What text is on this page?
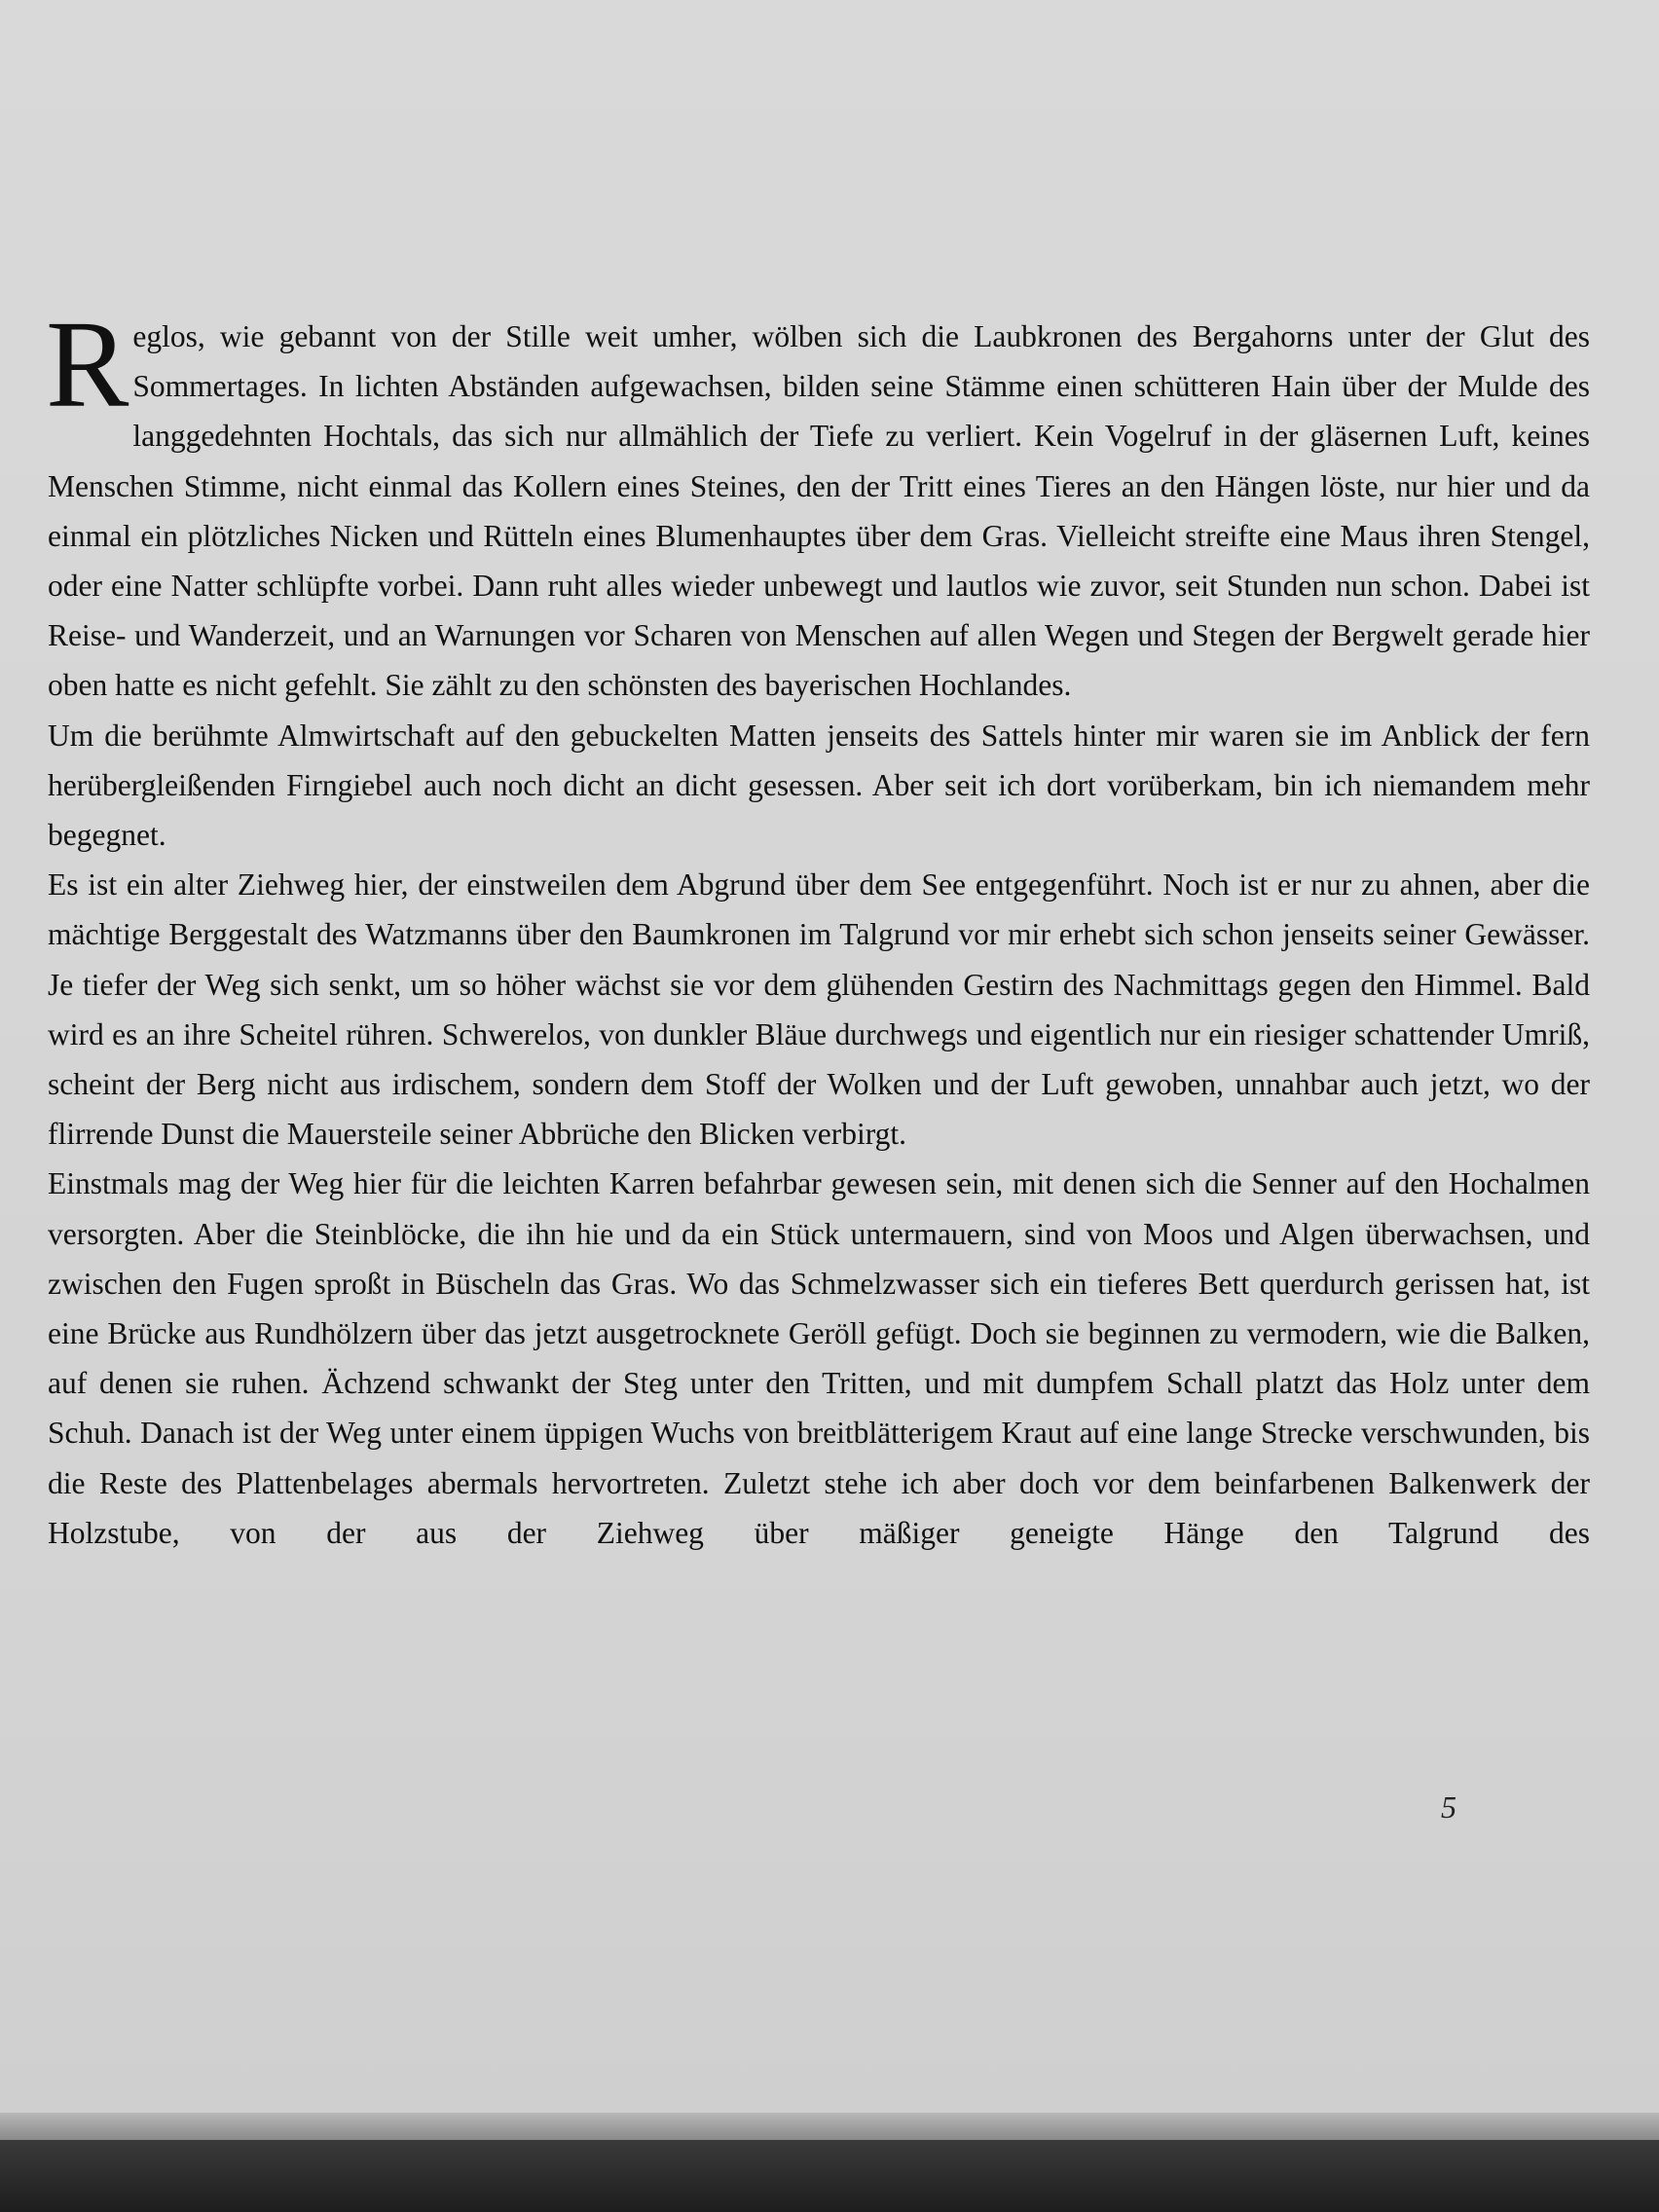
Reglos, wie gebannt von der Stille weit umher, wölben sich die Laubkronen des Bergahorns unter der Glut des Sommertages. In lichten Abständen aufgewachsen, bilden seine Stämme einen schütteren Hain über der Mulde des langgedehnten Hochtals, das sich nur allmählich der Tiefe zu verliert. Kein Vogelruf in der gläsernen Luft, keines Menschen Stimme, nicht einmal das Kollern eines Steines, den der Tritt eines Tieres an den Hängen löste, nur hier und da einmal ein plötzliches Nicken und Rütteln eines Blumenhauptes über dem Gras. Vielleicht streifte eine Maus ihren Stengel, oder eine Natter schlüpfte vorbei. Dann ruht alles wieder unbewegt und lautlos wie zuvor, seit Stunden nun schon. Dabei ist Reise- und Wanderzeit, und an Warnungen vor Scharen von Menschen auf allen Wegen und Stegen der Bergwelt gerade hier oben hatte es nicht gefehlt. Sie zählt zu den schönsten des bayerischen Hochlandes.

Um die berühmte Almwirtschaft auf den gebuckelten Matten jenseits des Sattels hinter mir waren sie im Anblick der fern herübergleißenden Firngiebel auch noch dicht an dicht gesessen. Aber seit ich dort vorüberkam, bin ich niemandem mehr begegnet.

Es ist ein alter Ziehweg hier, der einstweilen dem Abgrund über dem See entgegenführt. Noch ist er nur zu ahnen, aber die mächtige Berggestalt des Watzmanns über den Baumkronen im Talgrund vor mir erhebt sich schon jenseits seiner Gewässer. Je tiefer der Weg sich senkt, um so höher wächst sie vor dem glühenden Gestirn des Nachmittags gegen den Himmel. Bald wird es an ihre Scheitel rühren. Schwerelos, von dunkler Bläue durchwegs und eigentlich nur ein riesiger schattender Umriß, scheint der Berg nicht aus irdischem, sondern dem Stoff der Wolken und der Luft gewoben, unnahbar auch jetzt, wo der flirrende Dunst die Mauersteile seiner Abbrüche den Blicken verbirgt.

Einstmals mag der Weg hier für die leichten Karren befahrbar gewesen sein, mit denen sich die Senner auf den Hochalmen versorgten. Aber die Steinblöcke, die ihn hie und da ein Stück untermauern, sind von Moos und Algen überwachsen, und zwischen den Fugen sproßt in Büscheln das Gras. Wo das Schmelzwasser sich ein tieferes Bett querdurch gerissen hat, ist eine Brücke aus Rundhölzern über das jetzt ausgetrocknete Geröll gefügt. Doch sie beginnen zu vermodern, wie die Balken, auf denen sie ruhen. Ächzend schwankt der Steg unter den Tritten, und mit dumpfem Schall platzt das Holz unter dem Schuh. Danach ist der Weg unter einem üppigen Wuchs von breitblätterigem Kraut auf eine lange Strecke verschwunden, bis die Reste des Plattenbelages abermals hervortreten. Zuletzt stehe ich aber doch vor dem beinfarbenen Balkenwerk der Holzstube, von der aus der Ziehweg über mäßiger geneigte Hänge den Talgrund des

5
